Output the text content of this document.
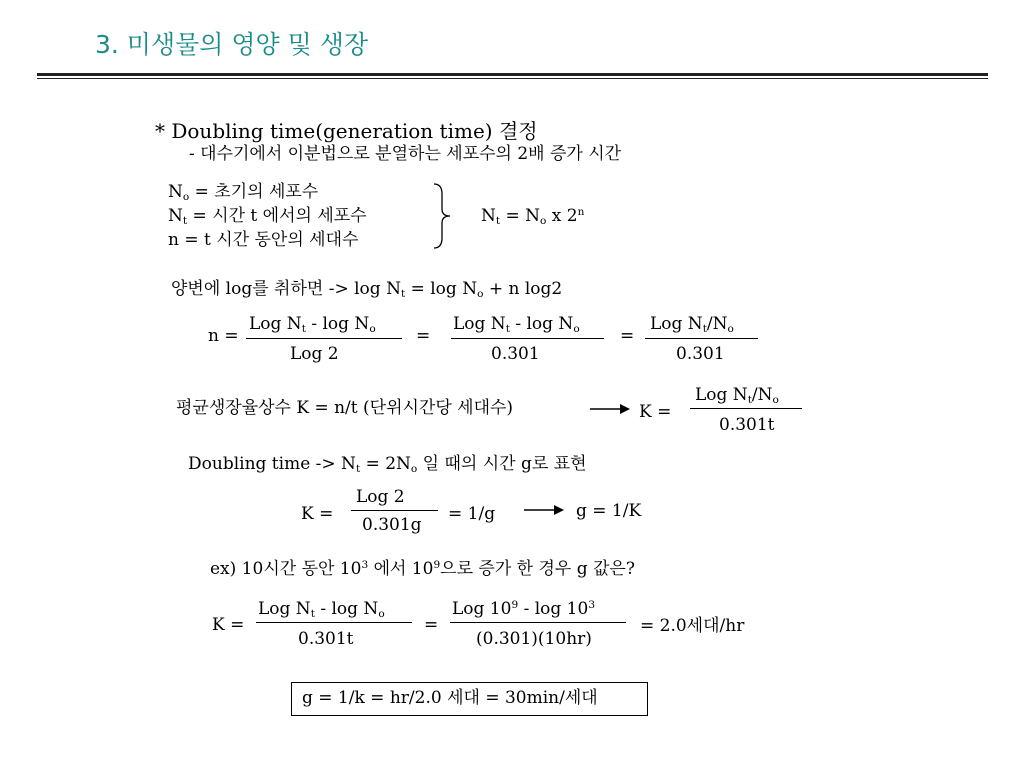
3. 미생물의 영양 및 생장
* Doubling time(generation time) 결정
- 대수기에서 이분법으로 분열하는 세포수의 2배 증가 시간
$N_o$ = 초기의 세포수
$N_t$ = 시간 t 에서의 세포수
n = t 시간 동안의 세대수
$N_t = N_o$ x 2$^n$
양변에 log를 취하면 -> $\log N_t = \log N_o + n$ log2
n =
Log $N_t$ - $\log N_o$
Log 2
=
Log $N_t$ - $\log N_o$
0.301
=
Log $N_t/N_o$
0.301
평균생장율상수 K = n/t (단위시간당 세대수)	K =
Log $N_t/N_o$
0.301t
Doubling time -> $N_t = 2N_o$ 일 때의 시간 g로 표현
K =
Log 2
0.301g
= 1/g	g = 1/K
ex) 10시간 동안 $10^3$ 에서 $10^9$으로 증가 한 경우 g 값은?
K =
Log $N_t$ - $\log N_o$
0.301t
=
Log $10^9$ - $\log 10^3$
(0.301)(10hr)
= 2.0세대/hr
g = 1/k = hr/2.0 세대 = 30min/세대
